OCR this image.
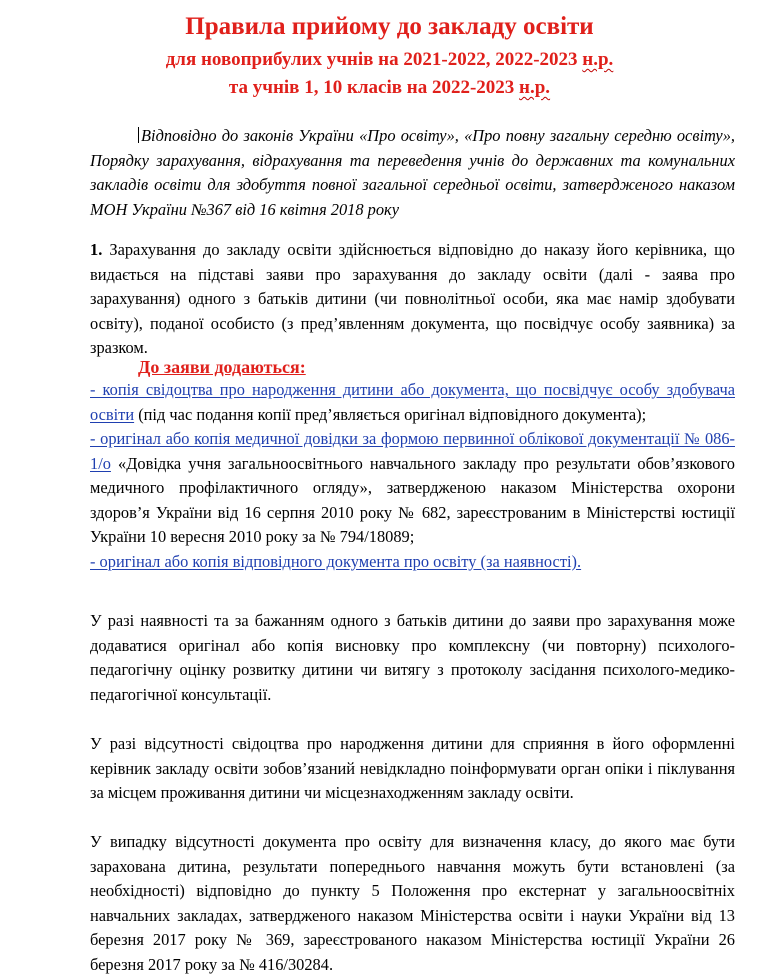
Правила прийому до закладу освіти
для новоприбулих учнів на 2021-2022, 2022-2023 н.р.
та учнів 1, 10 класів на 2022-2023 н.р.
Відповідно до законів України «Про освіту», «Про повну загальну середню освіту», Порядку зарахування, відрахування та переведення учнів до державних та комунальних закладів освіти для здобуття повної загальної середньої освіти, затвердженого наказом МОН України №367 від 16 квітня 2018 року
1. Зарахування до закладу освіти здійснюється відповідно до наказу його керівника, що видається на підставі заяви про зарахування до закладу освіти (далі - заява про зарахування) одного з батьків дитини (чи повнолітньої особи, яка має намір здобувати освіту), поданої особисто (з пред’явленням документа, що посвідчує особу заявника) за зразком.
До заяви додаються:
- копія свідоцтва про народження дитини або документа, що посвідчує особу здобувача освіти (під час подання копії пред’являється оригінал відповідного документа);
- оригінал або копія медичної довідки за формою первинної облікової документації № 086-1/о «Довідка учня загальноосвітнього навчального закладу про результати обов’язкового медичного профілактичного огляду», затвердженою наказом Міністерства охорони здоров’я України від 16 серпня 2010 року № 682, зареєстрованим в Міністерстві юстиції України 10 вересня 2010 року за № 794/18089;
- оригінал або копія відповідного документа про освіту (за наявності).
У разі наявності та за бажанням одного з батьків дитини до заяви про зарахування може додаватися оригінал або копія висновку про комплексну (чи повторну) психолого-педагогічну оцінку розвитку дитини чи витягу з протоколу засідання психолого-медико-педагогічної консультації.
У разі відсутності свідоцтва про народження дитини для сприяння в його оформленні керівник закладу освіти зобов’язаний невідкладно поінформувати орган опіки і піклування за місцем проживання дитини чи місцезнаходженням закладу освіти.
У випадку відсутності документа про освіту для визначення класу, до якого має бути зарахована дитина, результати попереднього навчання можуть бути встановлені (за необхідності) відповідно до пункту 5 Положення про екстернат у загальноосвітніх навчальних закладах, затвердженого наказом Міністерства освіти і науки України від 13 березня 2017 року № 369, зареєстрованого наказом Міністерства юстиції України 26 березня 2017 року за № 416/30284.
